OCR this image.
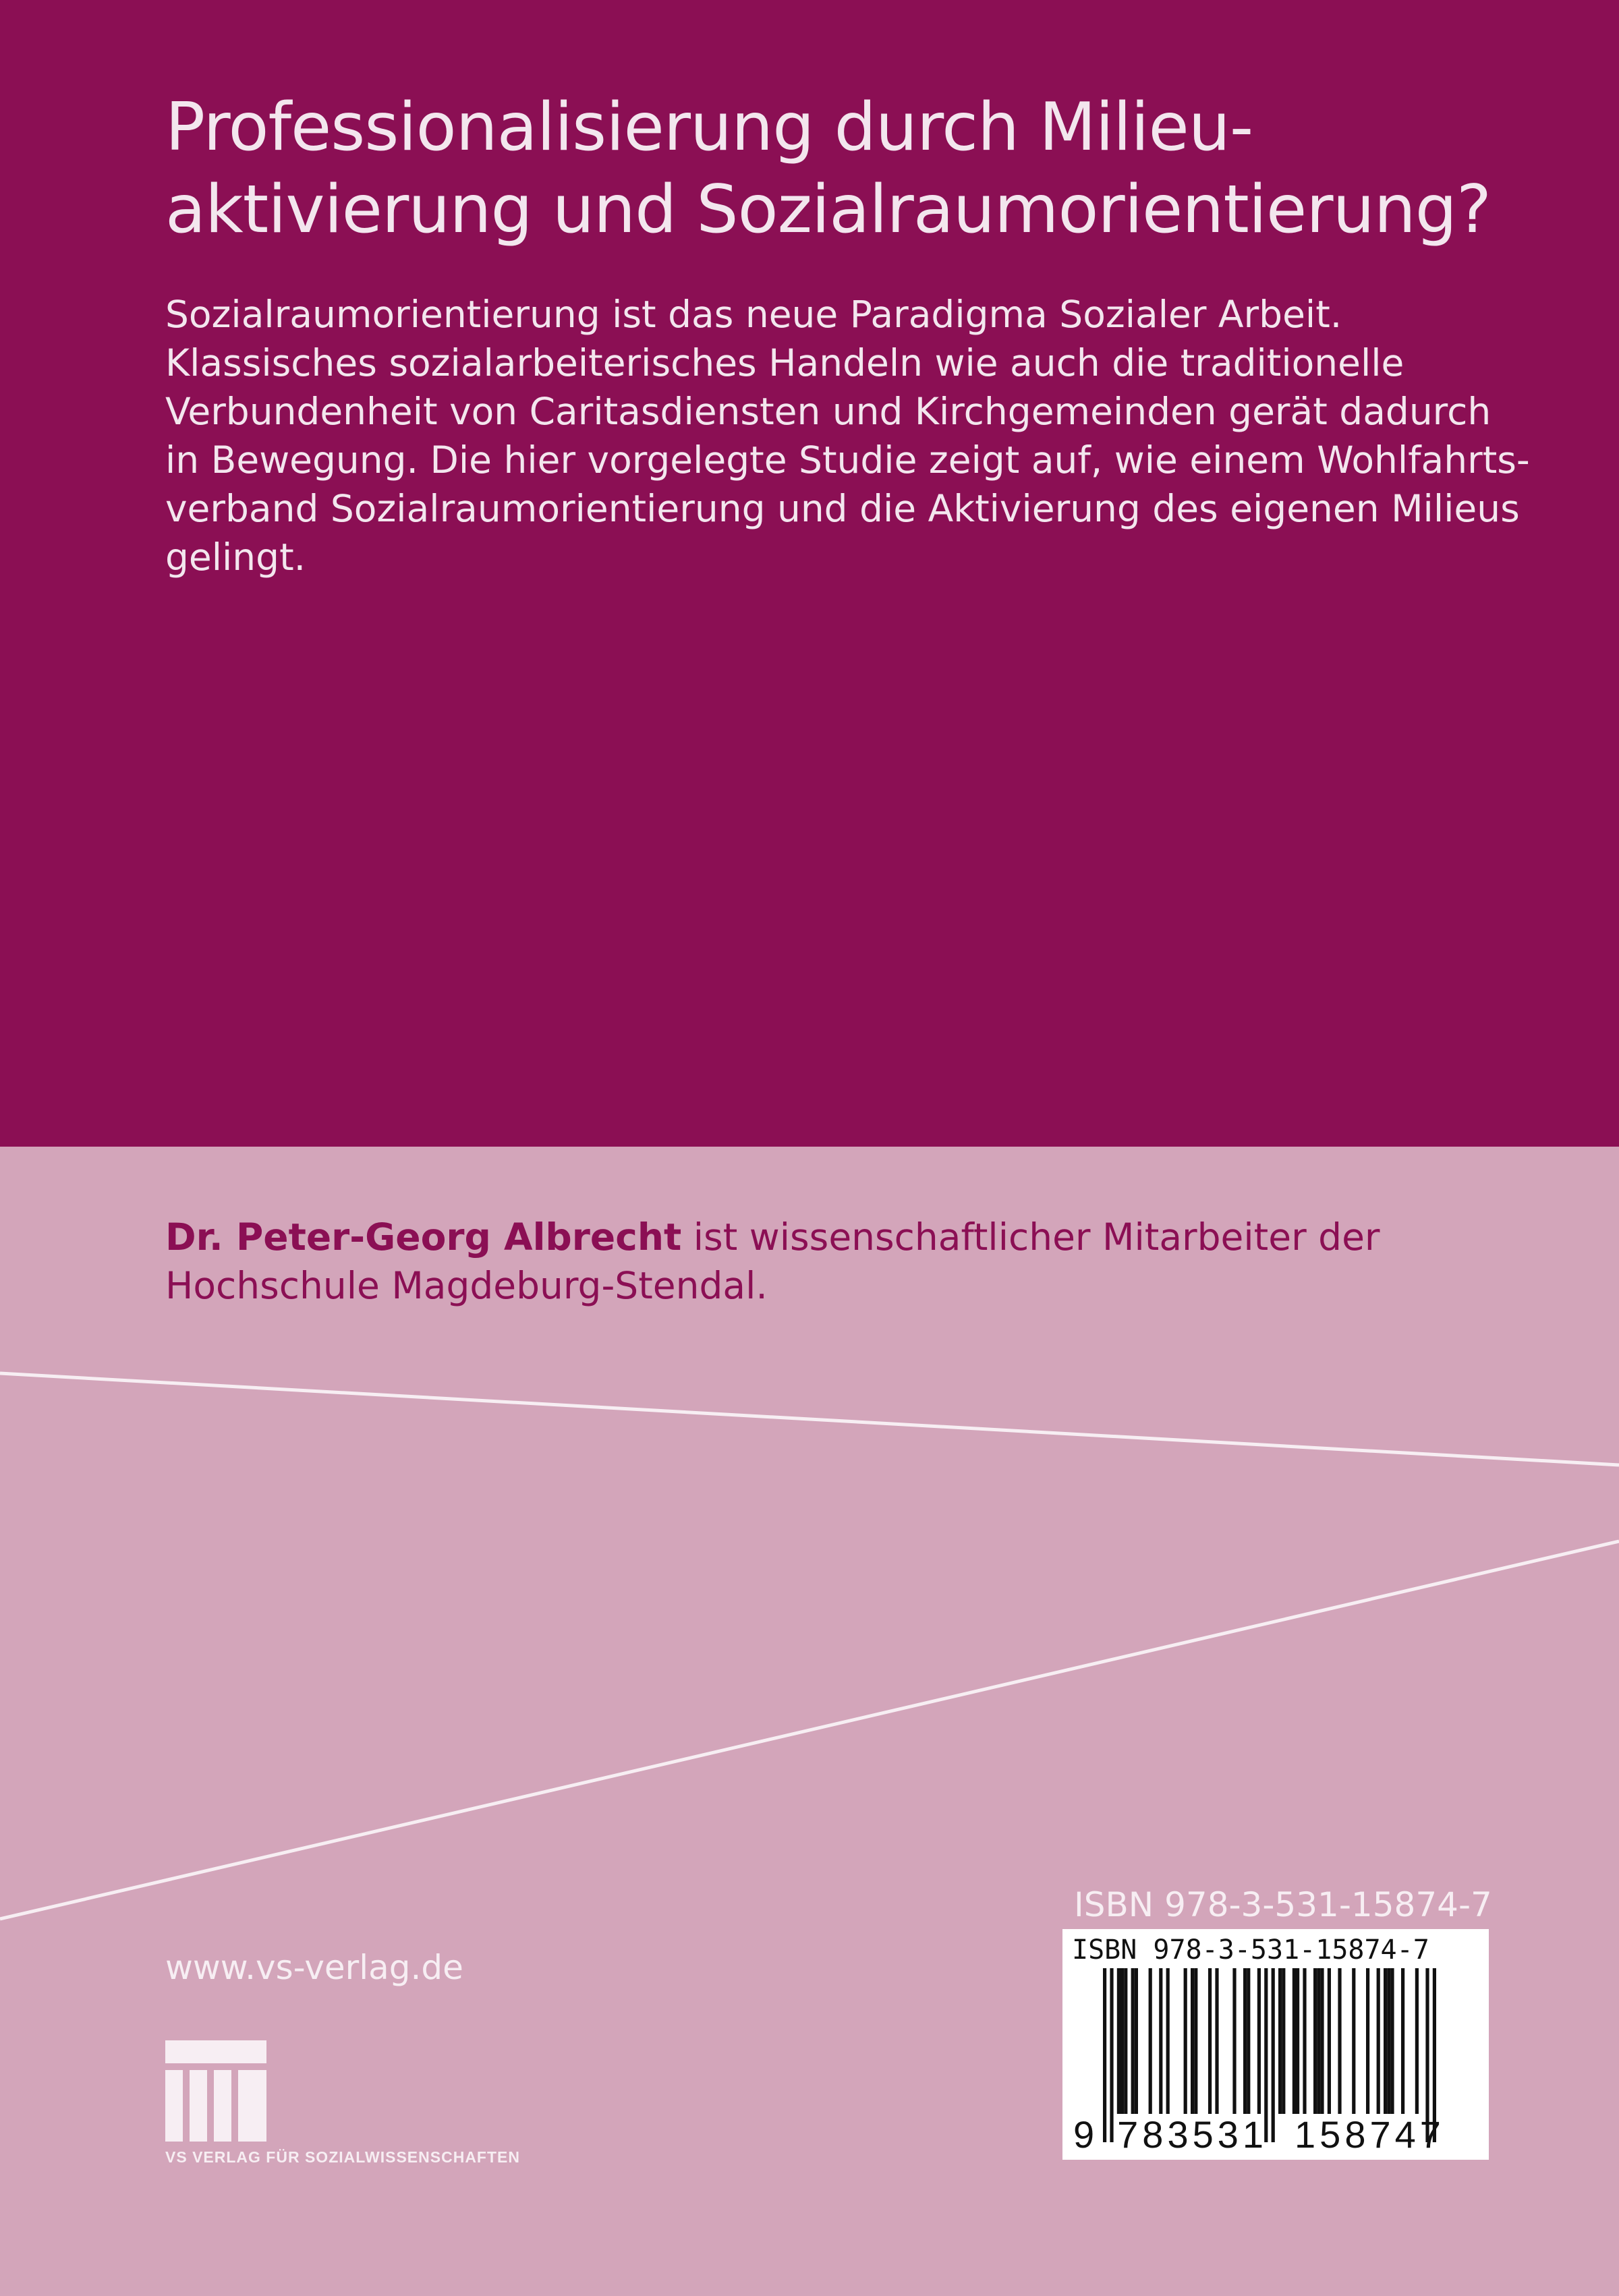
Professionalisierung durch Milieu-
aktivierung und Sozialraumorientierung?

Sozialraumorientierung ist das neue Paradigma Sozialer Arbeit.
Klassisches sozialarbeiterisches Handeln wie auch die traditionelle
Verbundenheit von Caritasdiensten und Kirchgemeinden gerät dadurch
in Bewegung. Die hier vorgelegte Studie zeigt auf, wie einem Wohlfahrts-
verband Sozialraumorientierung und die Aktivierung des eigenen Milieus
gelingt.

Dr. Peter-Georg Albrecht ist wissenschaftlicher Mitarbeiter der
Hochschule Magdeburg-Stendal.

www.vs-verlag.de
VS VERLAG FÜR SOZIALWISSENSCHAFTEN
ISBN 978-3-531-15874-7
ISBN 978-3-531-15874-7
9 783531 158747
